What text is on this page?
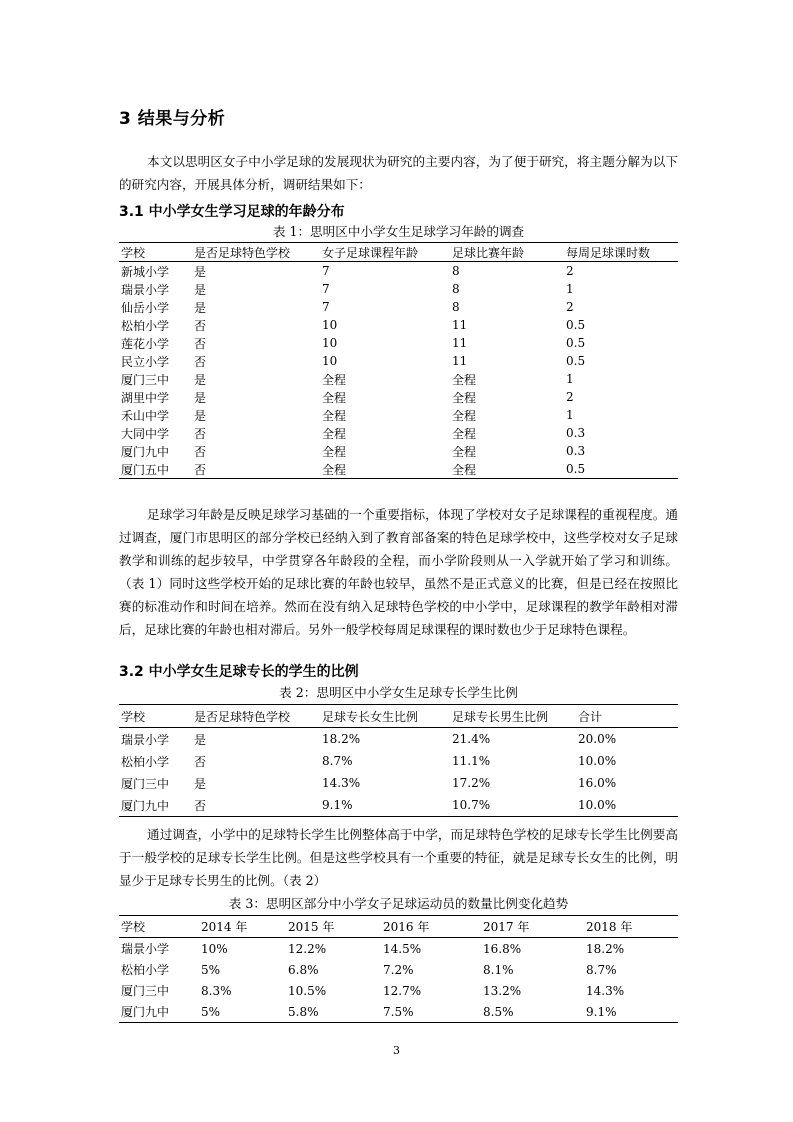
3 结果与分析

本文以思明区女子中小学足球的发展现状为研究的主要内容，为了便于研究，将主题分解为以下的研究内容，开展具体分析，调研结果如下：

3.1 中小学女生学习足球的年龄分布
表 1：思明区中小学女生足球学习年龄的调查
学校	是否足球特色学校	女子足球课程年龄	足球比赛年龄	每周足球课时数
新城小学	是	7	8	2
瑞景小学	是	7	8	1
仙岳小学	是	7	8	2
松柏小学	否	10	11	0.5
莲花小学	否	10	11	0.5
民立小学	否	10	11	0.5
厦门三中	是	全程	全程	1
湖里中学	是	全程	全程	2
禾山中学	是	全程	全程	1
大同中学	否	全程	全程	0.3
厦门九中	否	全程	全程	0.3
厦门五中	否	全程	全程	0.5

足球学习年龄是反映足球学习基础的一个重要指标，体现了学校对女子足球课程的重视程度。通过调查，厦门市思明区的部分学校已经纳入到了教育部备案的特色足球学校中，这些学校对女子足球教学和训练的起步较早，中学贯穿各年龄段的全程，而小学阶段则从一入学就开始了学习和训练。（表 1）同时这些学校开始的足球比赛的年龄也较早，虽然不是正式意义的比赛，但是已经在按照比赛的标准动作和时间在培养。然而在没有纳入足球特色学校的中小学中，足球课程的教学年龄相对滞后，足球比赛的年龄也相对滞后。另外一般学校每周足球课程的课时数也少于足球特色课程。

3.2 中小学女生足球专长的学生的比例
表 2：思明区中小学女生足球专长学生比例
学校	是否足球特色学校	足球专长女生比例	足球专长男生比例	合计
瑞景小学	是	18.2%	21.4%	20.0%
松柏小学	否	8.7%	11.1%	10.0%
厦门三中	是	14.3%	17.2%	16.0%
厦门九中	否	9.1%	10.7%	10.0%

通过调查，小学中的足球特长学生比例整体高于中学，而足球特色学校的足球专长学生比例要高于一般学校的足球专长学生比例。但是这些学校具有一个重要的特征，就是足球专长女生的比例，明显少于足球专长男生的比例。（表 2）

表 3：思明区部分中小学女子足球运动员的数量比例变化趋势
学校	2014 年	2015 年	2016 年	2017 年	2018 年
瑞景小学	10%	12.2%	14.5%	16.8%	18.2%
松柏小学	5%	6.8%	7.2%	8.1%	8.7%
厦门三中	8.3%	10.5%	12.7%	13.2%	14.3%
厦门九中	5%	5.8%	7.5%	8.5%	9.1%
3
